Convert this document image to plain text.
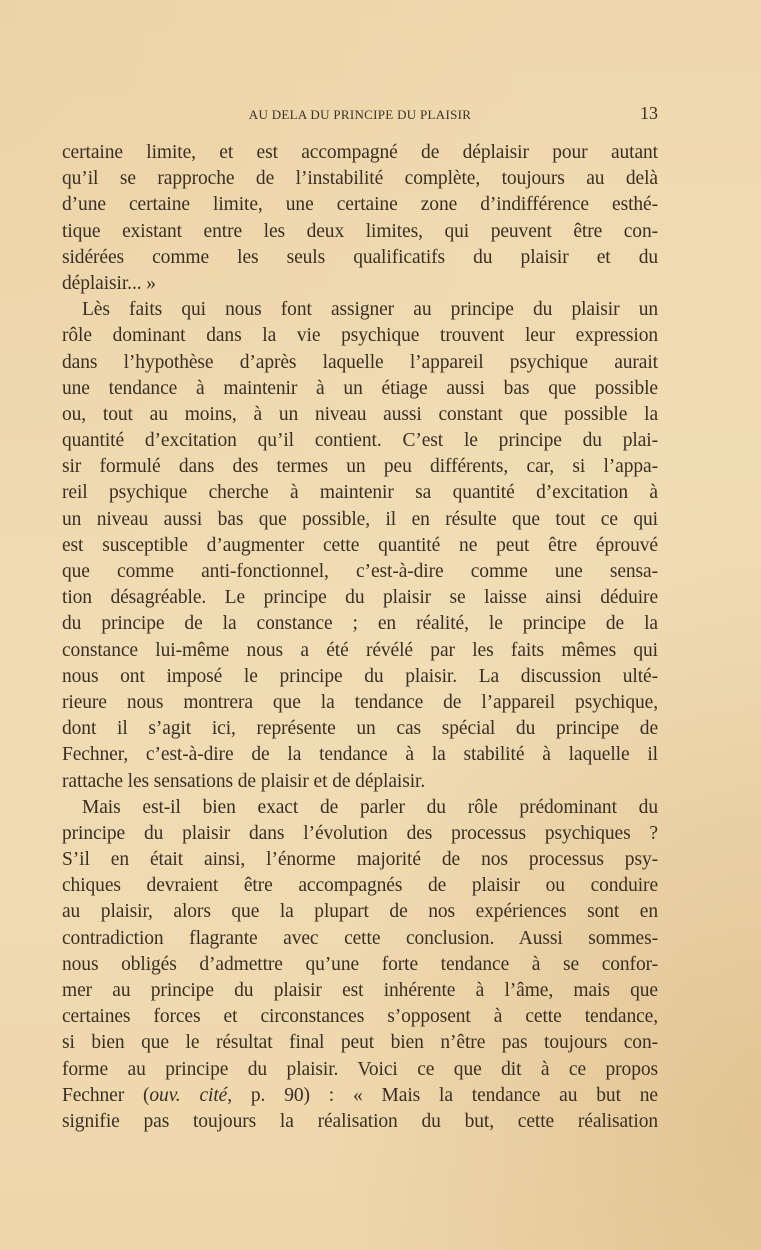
AU DELA DU PRINCIPE DU PLAISIR	13
certaine limite, et est accompagné de déplaisir pour autant
qu’il se rapproche de l’instabilité complète, toujours au delà
d’une certaine limite, une certaine zone d’indifférence esthé-
tique existant entre les deux limites, qui peuvent être con-
sidérées comme les seuls qualificatifs du plaisir et du
déplaisir... »
Lès faits qui nous font assigner au principe du plaisir un
rôle dominant dans la vie psychique trouvent leur expression
dans l’hypothèse d’après laquelle l’appareil psychique aurait
une tendance à maintenir à un étiage aussi bas que possible
ou, tout au moins, à un niveau aussi constant que possible la
quantité d’excitation qu’il contient. C’est le principe du plai-
sir formulé dans des termes un peu différents, car, si l’appa-
reil psychique cherche à maintenir sa quantité d’excitation à
un niveau aussi bas que possible, il en résulte que tout ce qui
est susceptible d’augmenter cette quantité ne peut être éprouvé
que comme anti-fonctionnel, c’est-à-dire comme une sensa-
tion désagréable. Le principe du plaisir se laisse ainsi déduire
du principe de la constance ; en réalité, le principe de la
constance lui-même nous a été révélé par les faits mêmes qui
nous ont imposé le principe du plaisir. La discussion ulté-
rieure nous montrera que la tendance de l’appareil psychique,
dont il s’agit ici, représente un cas spécial du principe de
Fechner, c’est-à-dire de la tendance à la stabilité à laquelle il
rattache les sensations de plaisir et de déplaisir.
Mais est-il bien exact de parler du rôle prédominant du
principe du plaisir dans l’évolution des processus psychiques ?
S’il en était ainsi, l’énorme majorité de nos processus psy-
chiques devraient être accompagnés de plaisir ou conduire
au plaisir, alors que la plupart de nos expériences sont en
contradiction flagrante avec cette conclusion. Aussi sommes-
nous obligés d’admettre qu’une forte tendance à se confor-
mer au principe du plaisir est inhérente à l’âme, mais que
certaines forces et circonstances s’opposent à cette tendance,
si bien que le résultat final peut bien n’être pas toujours con-
forme au principe du plaisir. Voici ce que dit à ce propos
Fechner (ouv. cité, p. 90) : « Mais la tendance au but ne
signifie pas toujours la réalisation du but, cette réalisation
